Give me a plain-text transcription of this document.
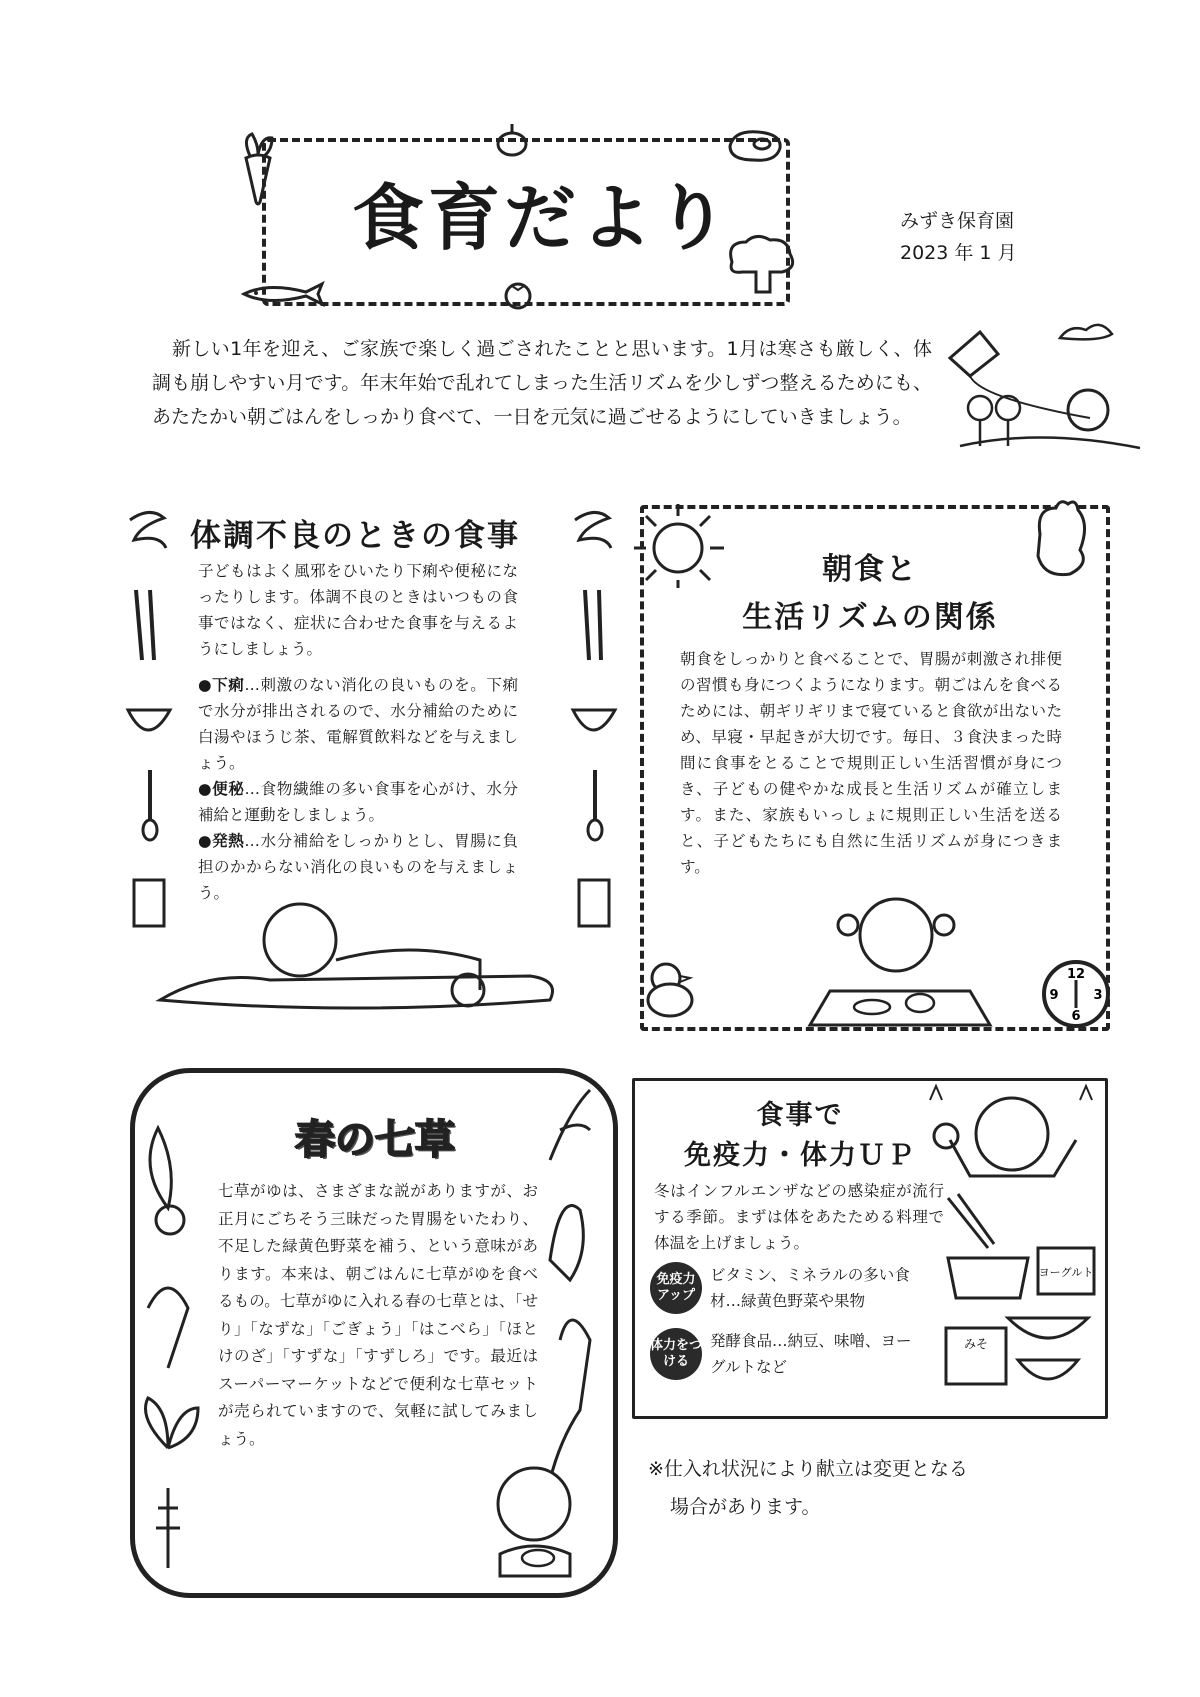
食育だより	みずき保育園
2023 年 1 月
新しい1年を迎え、ご家族で楽しく過ごされたことと思います。1月は寒さも厳しく、体調も崩しやすい月です。年末年始で乱れてしまった生活リズムを少しずつ整えるためにも、あたたかい朝ごはんをしっかり食べて、一日を元気に過ごせるようにしていきましょう。
体調不良のときの食事
子どもはよく風邪をひいたり下痢や便秘になったりします。体調不良のときはいつもの食事ではなく、症状に合わせた食事を与えるようにしましょう。
●下痢…刺激のない消化の良いものを。下痢で水分が排出されるので、水分補給のために白湯やほうじ茶、電解質飲料などを与えましょう。
●便秘…食物繊維の多い食事を心がけ、水分補給と運動をしましょう。
●発熱…水分補給をしっかりとし、胃腸に負担のかからない消化の良いものを与えましょう。
朝食と
生活リズムの関係
朝食をしっかりと食べることで、胃腸が刺激され排便の習慣も身につくようになります。朝ごはんを食べるためには、朝ギリギリまで寝ていると食欲が出ないため、早寝・早起きが大切です。毎日、３食決まった時間に食事をとることで規則正しい生活習慣が身につき、子どもの健やかな成長と生活リズムが確立します。また、家族もいっしょに規則正しい生活を送ると、子どもたちにも自然に生活リズムが身につきます。
12
3
6
9
春の七草
七草がゆは、さまざまな説がありますが、お正月にごちそう三昧だった胃腸をいたわり、不足した緑黄色野菜を補う、という意味があります。本来は、朝ごはんに七草がゆを食べるもの。七草がゆに入れる春の七草とは、「せり」「なずな」「ごぎょう」「はこべら」「ほとけのざ」「すずな」「すずしろ」です。最近はスーパーマーケットなどで便利な七草セットが売られていますので、気軽に試してみましょう。
食事で
免疫力・体力ＵＰ
冬はインフルエンザなどの感染症が流行する季節。まずは体をあたためる料理で体温を上げましょう。
免疫力アップ
ビタミン、ミネラルの多い食材…緑黄色野菜や果物
体力をつける
発酵食品…納豆、味噌、ヨーグルトなど
ヨーグルト
みそ
※仕入れ状況により献立は変更となる
場合があります。
